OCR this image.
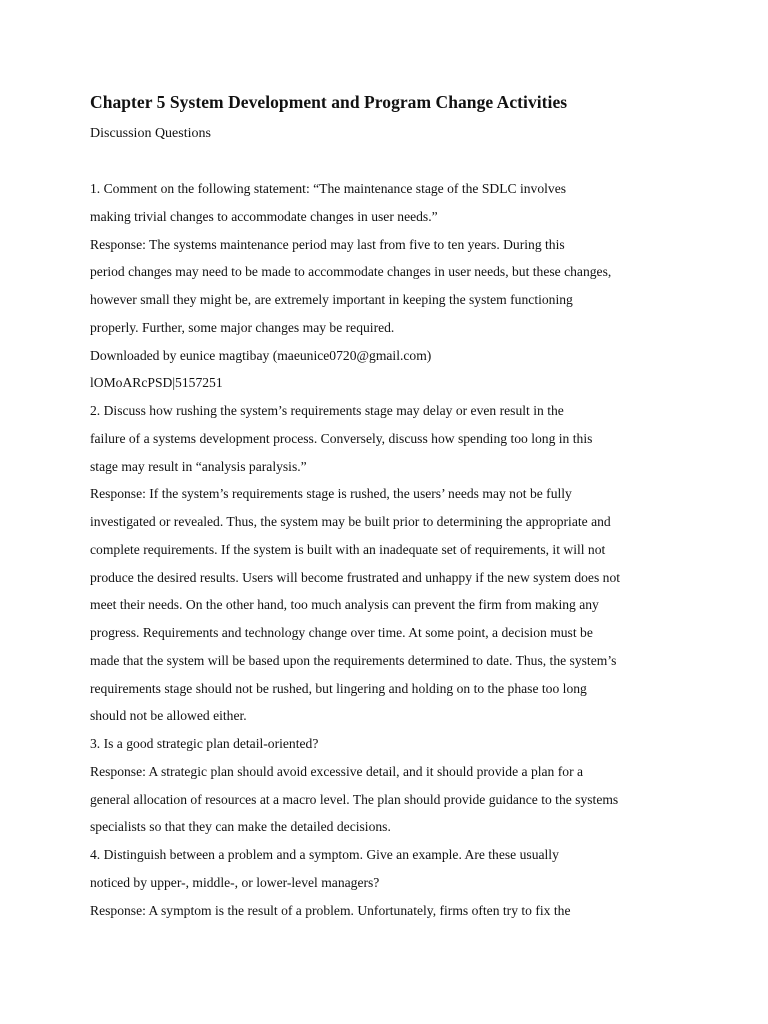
Chapter 5 System Development and Program Change Activities
Discussion Questions
1. Comment on the following statement: “The maintenance stage of the SDLC involves
making trivial changes to accommodate changes in user needs.”
Response: The systems maintenance period may last from five to ten years. During this
period changes may need to be made to accommodate changes in user needs, but these changes,
however small they might be, are extremely important in keeping the system functioning
properly. Further, some major changes may be required.
Downloaded by eunice magtibay (maeunice0720@gmail.com)
lOMoARcPSD|5157251
2. Discuss how rushing the system’s requirements stage may delay or even result in the
failure of a systems development process. Conversely, discuss how spending too long in this
stage may result in “analysis paralysis.”
Response: If the system’s requirements stage is rushed, the users’ needs may not be fully
investigated or revealed. Thus, the system may be built prior to determining the appropriate and
complete requirements. If the system is built with an inadequate set of requirements, it will not
produce the desired results. Users will become frustrated and unhappy if the new system does not
meet their needs. On the other hand, too much analysis can prevent the firm from making any
progress. Requirements and technology change over time. At some point, a decision must be
made that the system will be based upon the requirements determined to date. Thus, the system’s
requirements stage should not be rushed, but lingering and holding on to the phase too long
should not be allowed either.
3. Is a good strategic plan detail-oriented?
Response: A strategic plan should avoid excessive detail, and it should provide a plan for a
general allocation of resources at a macro level. The plan should provide guidance to the systems
specialists so that they can make the detailed decisions.
4. Distinguish between a problem and a symptom. Give an example. Are these usually
noticed by upper-, middle-, or lower-level managers?
Response: A symptom is the result of a problem. Unfortunately, firms often try to fix the
